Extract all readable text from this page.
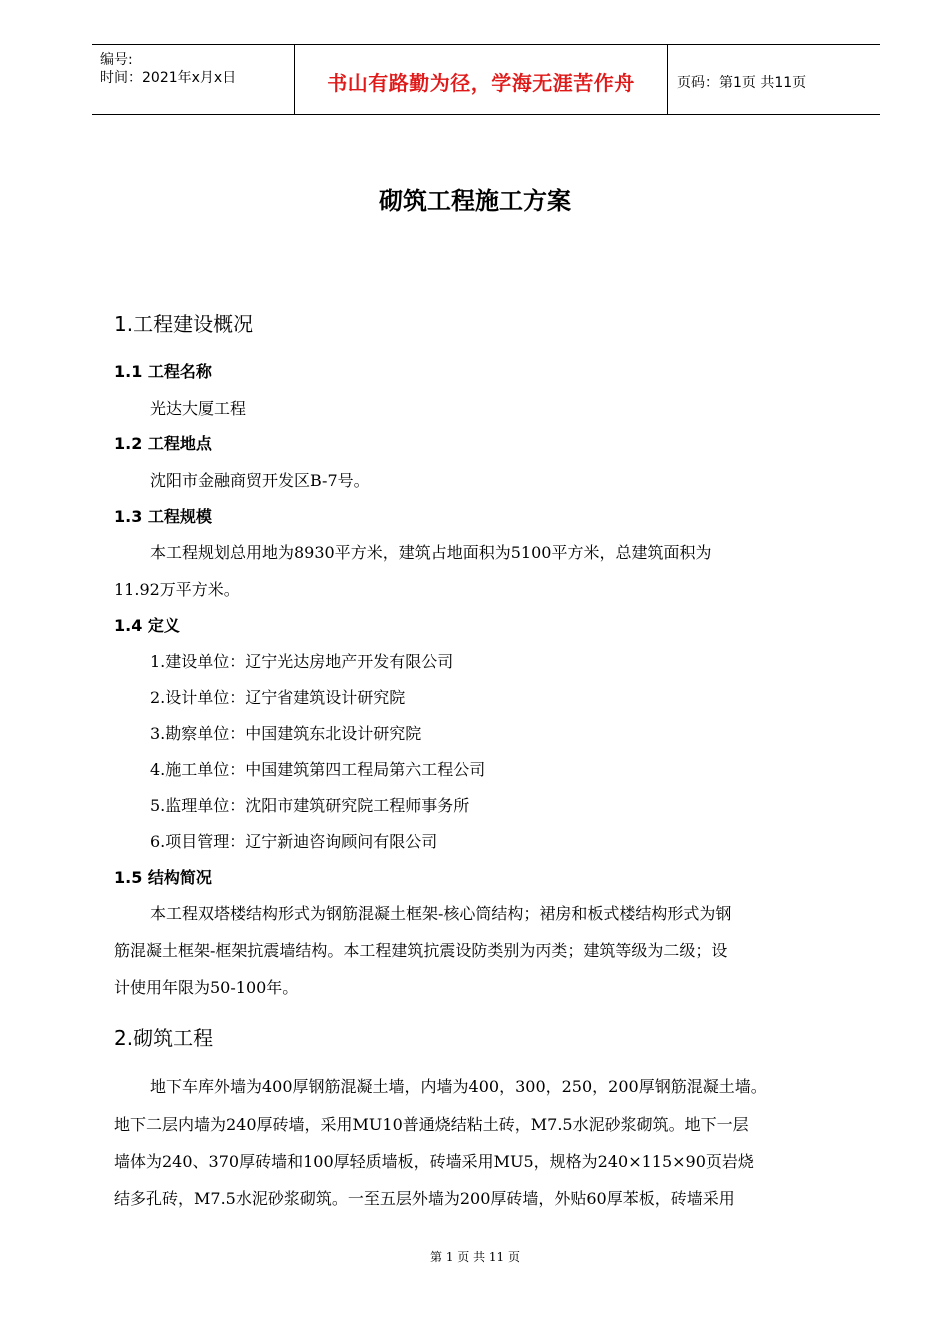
编号:
时间：2021年x月x日	书山有路勤为径，学海无涯苦作舟	页码：第1页 共11页
砌筑工程施工方案
1.工程建设概况
1.1 工程名称
光达大厦工程
1.2 工程地点
沈阳市金融商贸开发区B-7号。
1.3 工程规模
本工程规划总用地为8930平方米，建筑占地面积为5100平方米，总建筑面积为
11.92万平方米。
1.4 定义
1.建设单位：辽宁光达房地产开发有限公司
2.设计单位：辽宁省建筑设计研究院
3.勘察单位：中国建筑东北设计研究院
4.施工单位：中国建筑第四工程局第六工程公司
5.监理单位：沈阳市建筑研究院工程师事务所
6.项目管理：辽宁新迪咨询顾问有限公司
1.5 结构简况
本工程双塔楼结构形式为钢筋混凝土框架-核心筒结构；裙房和板式楼结构形式为钢
筋混凝土框架-框架抗震墙结构。本工程建筑抗震设防类别为丙类；建筑等级为二级；设
计使用年限为50-100年。
2.砌筑工程
地下车库外墙为400厚钢筋混凝土墙，内墙为400，300，250，200厚钢筋混凝土墙。
地下二层内墙为240厚砖墙，采用MU10普通烧结粘土砖，M7.5水泥砂浆砌筑。地下一层
墙体为240、370厚砖墙和100厚轻质墙板，砖墙采用MU5，规格为240×115×90页岩烧
结多孔砖，M7.5水泥砂浆砌筑。一至五层外墙为200厚砖墙，外贴60厚苯板，砖墙采用
第 1 页 共 11 页
